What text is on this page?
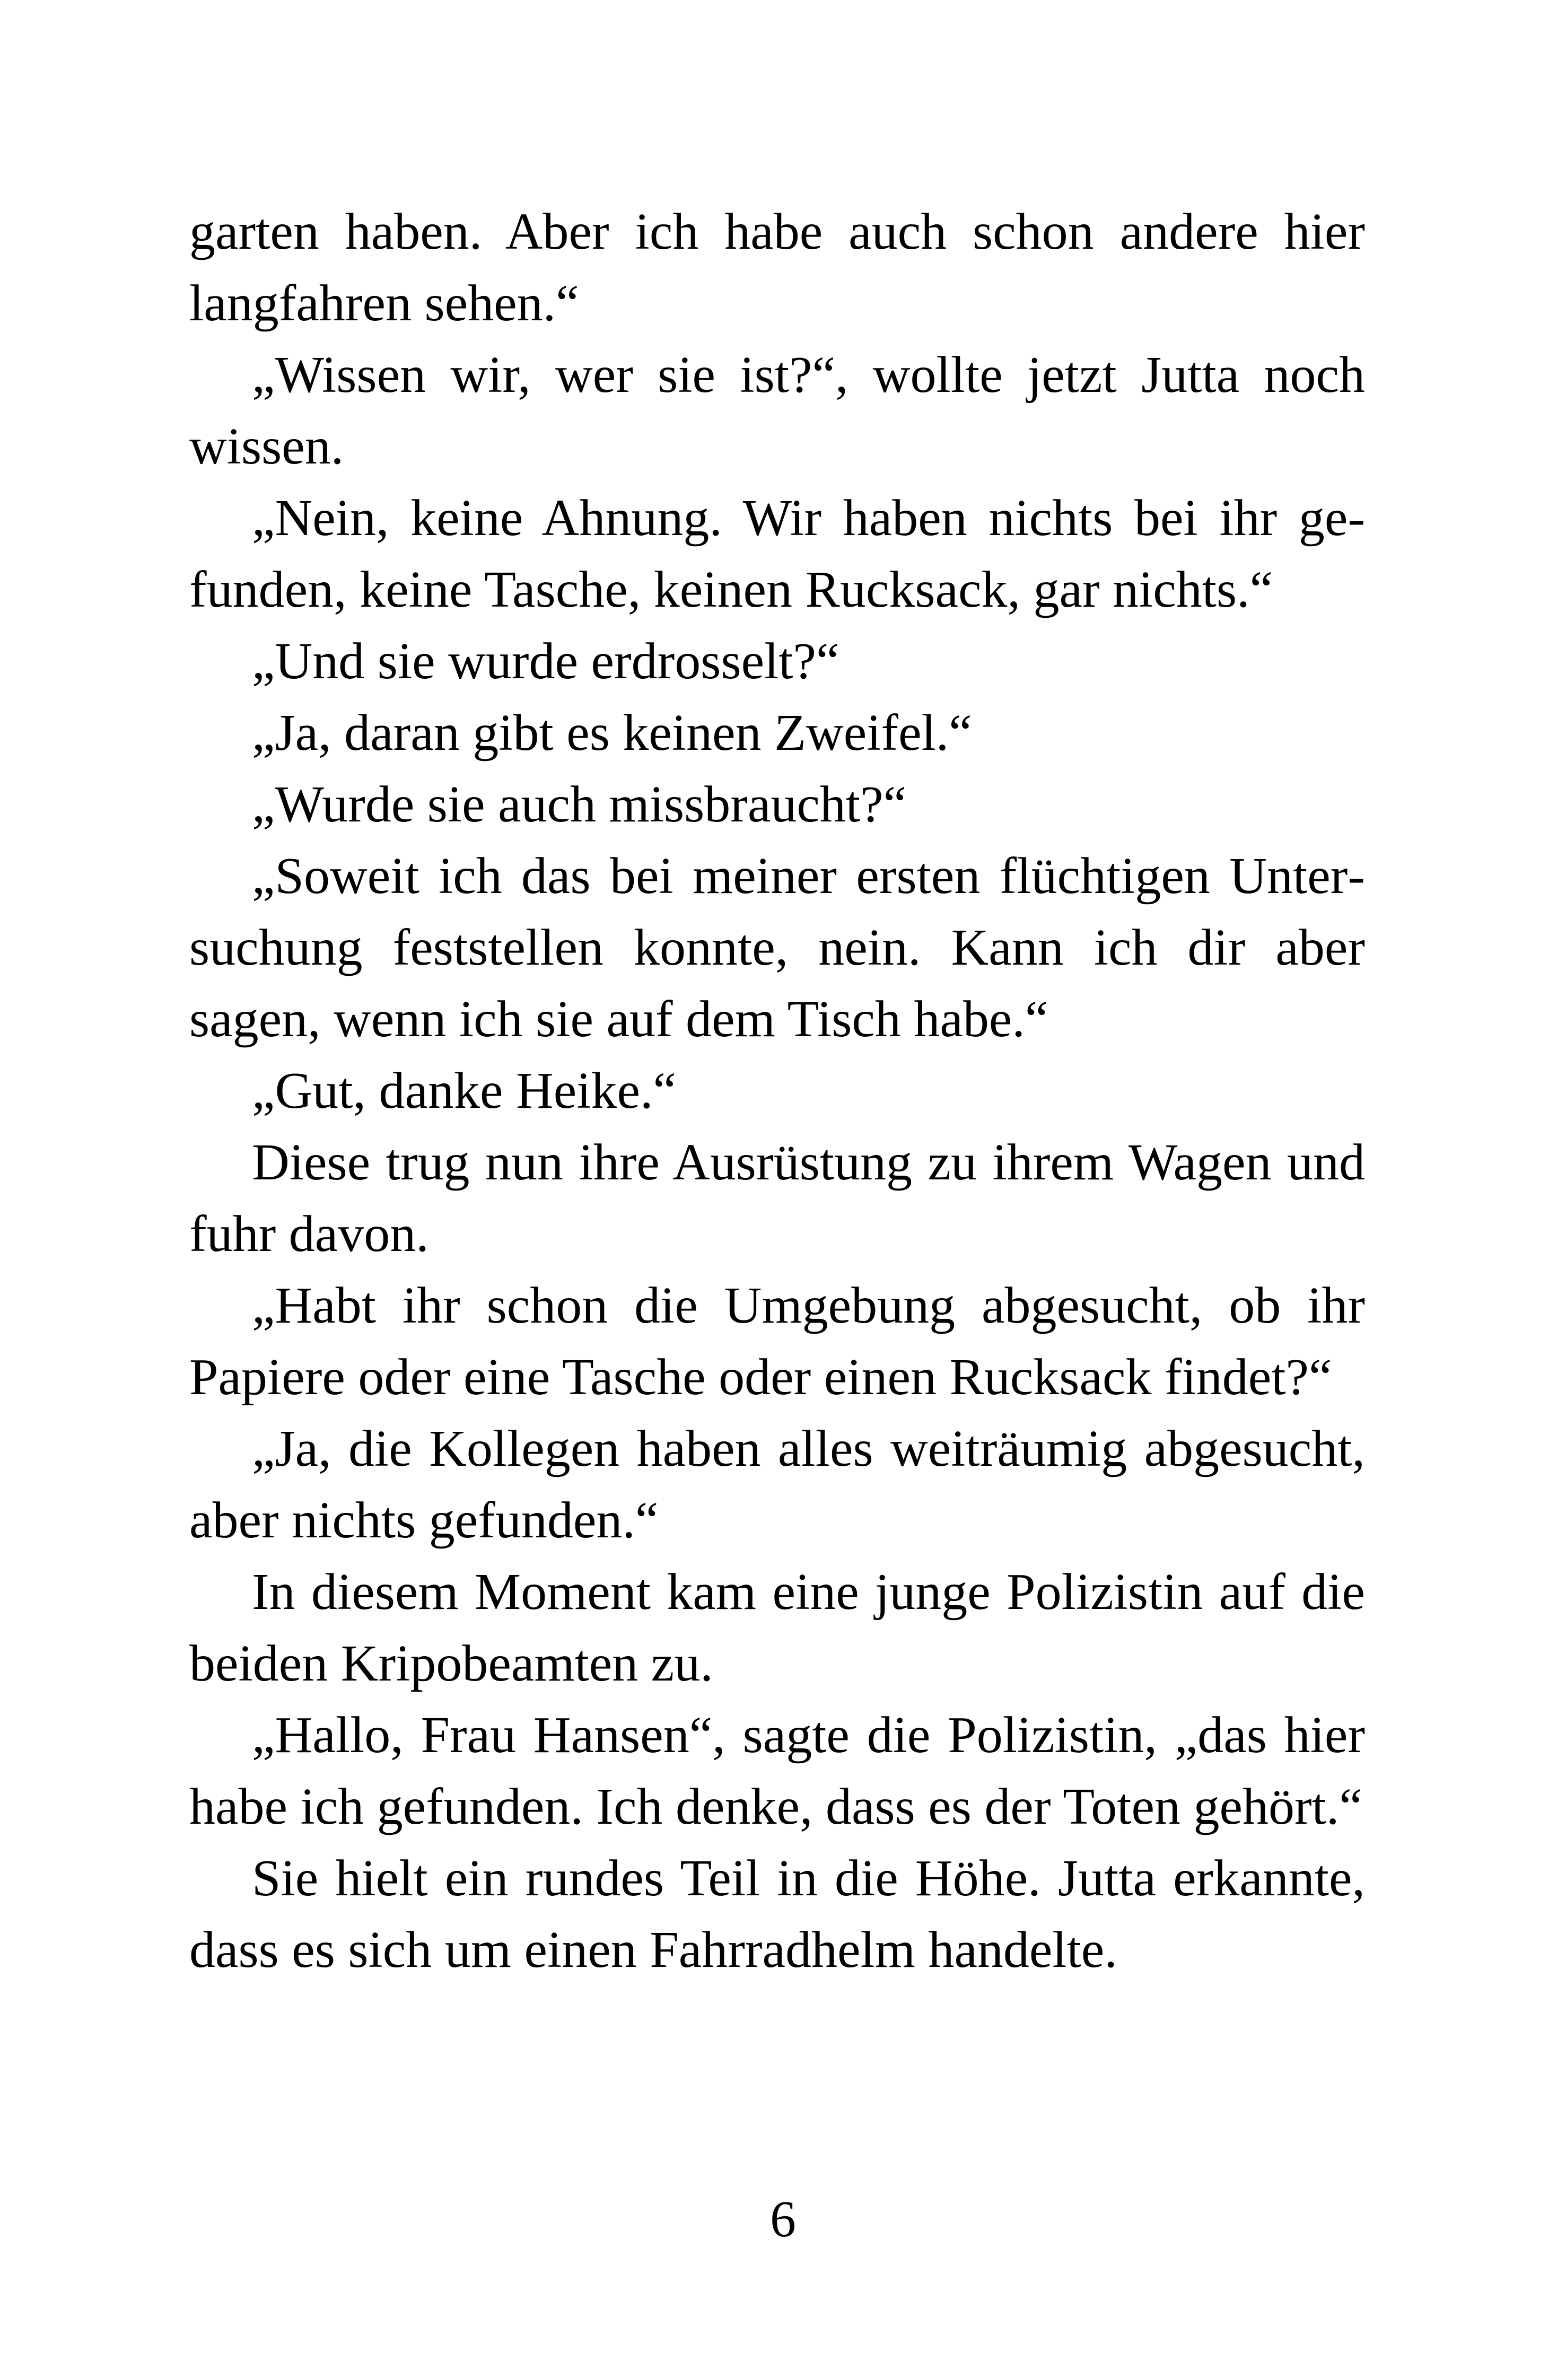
garten haben. Aber ich habe auch schon andere hier langfahren sehen.“

„Wissen wir, wer sie ist?“, wollte jetzt Jutta noch wissen.

„Nein, keine Ahnung. Wir haben nichts bei ihr gefunden, keine Tasche, keinen Rucksack, gar nichts.“

„Und sie wurde erdrosselt?“

„Ja, daran gibt es keinen Zweifel.“

„Wurde sie auch missbraucht?“

„Soweit ich das bei meiner ersten flüchtigen Untersuchung feststellen konnte, nein. Kann ich dir aber sagen, wenn ich sie auf dem Tisch habe.“

„Gut, danke Heike.“

Diese trug nun ihre Ausrüstung zu ihrem Wagen und fuhr davon.

„Habt ihr schon die Umgebung abgesucht, ob ihr Papiere oder eine Tasche oder einen Rucksack findet?“

„Ja, die Kollegen haben alles weiträumig abgesucht, aber nichts gefunden.“

In diesem Moment kam eine junge Polizistin auf die beiden Kripobeamten zu.

„Hallo, Frau Hansen“, sagte die Polizistin, „das hier habe ich gefunden. Ich denke, dass es der Toten gehört.“

Sie hielt ein rundes Teil in die Höhe. Jutta erkannte, dass es sich um einen Fahrradhelm handelte.

6
